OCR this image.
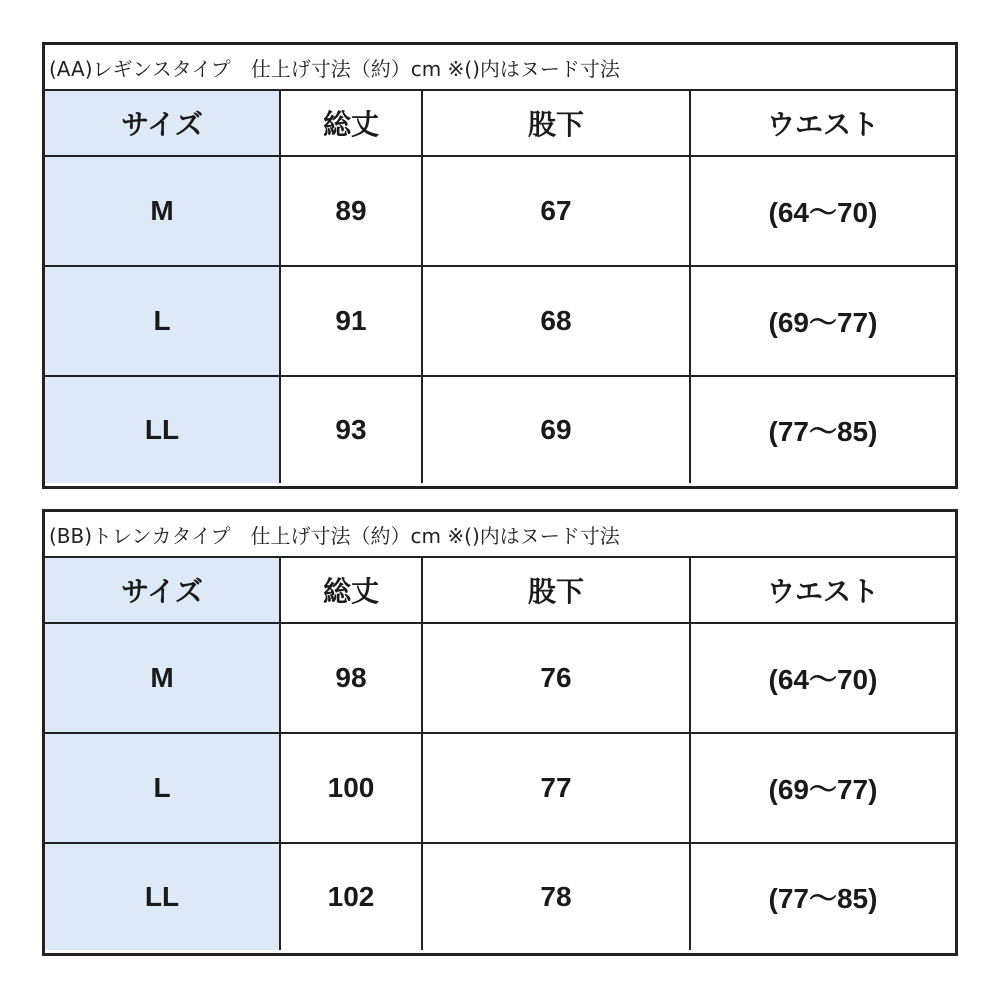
(AA)レギンスタイプ　仕上げ寸法（約）cm ※()内はヌード寸法
サイズ	総丈	股下	ウエスト
M	89	67	(64～70)
L	91	68	(69～77)
LL	93	69	(77～85)
(BB)トレンカタイプ　仕上げ寸法（約）cm ※()内はヌード寸法
サイズ	総丈	股下	ウエスト
M	98	76	(64～70)
L	100	77	(69～77)
LL	102	78	(77～85)
